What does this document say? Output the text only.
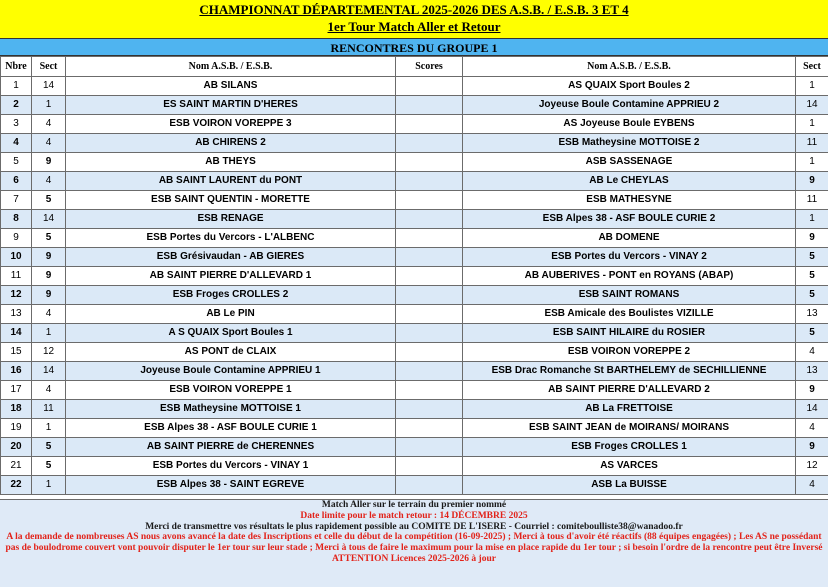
CHAMPIONNAT DÉPARTEMENTAL 2025-2026 DES A.S.B. / E.S.B. 3 ET 4
1er Tour Match Aller et Retour
RENCONTRES DU GROUPE 1
Nbre	Sect	Nom A.S.B. / E.S.B.	Scores	Nom A.S.B. / E.S.B.	Sect
1	14	AB SILANS		AS QUAIX Sport Boules 2	1
2	1	ES SAINT MARTIN D'HERES		Joyeuse Boule Contamine APPRIEU 2	14
3	4	ESB VOIRON VOREPPE 3		AS Joyeuse Boule EYBENS	1
4	4	AB CHIRENS 2		ESB Matheysine MOTTOISE 2	11
5	9	AB THEYS		ASB SASSENAGE	1
6	4	AB SAINT LAURENT du PONT		AB Le CHEYLAS	9
7	5	ESB SAINT QUENTIN - MORETTE		ESB MATHESYNE	11
8	14	ESB RENAGE		ESB Alpes 38 - ASF BOULE CURIE 2	1
9	5	ESB Portes du Vercors - L'ALBENC		AB DOMENE	9
10	9	ESB Grésivaudan - AB GIERES		ESB Portes du Vercors - VINAY 2	5
11	9	AB SAINT PIERRE D'ALLEVARD 1		AB AUBERIVES - PONT en ROYANS (ABAP)	5
12	9	ESB Froges CROLLES 2		ESB SAINT ROMANS	5
13	4	AB Le PIN		ESB Amicale des Boulistes VIZILLE	13
14	1	A S QUAIX Sport Boules 1		ESB SAINT HILAIRE du ROSIER	5
15	12	AS PONT de CLAIX		ESB VOIRON VOREPPE 2	4
16	14	Joyeuse Boule Contamine APPRIEU 1		ESB Drac Romanche St BARTHELEMY de SECHILLIENNE	13
17	4	ESB VOIRON VOREPPE 1		AB SAINT PIERRE D'ALLEVARD 2	9
18	11	ESB Matheysine MOTTOISE 1		AB La FRETTOISE	14
19	1	ESB Alpes 38 - ASF BOULE CURIE 1		ESB SAINT JEAN de MOIRANS/ MOIRANS	4
20	5	AB SAINT PIERRE de CHERENNES		ESB Froges CROLLES 1	9
21	5	ESB Portes du Vercors - VINAY 1		AS VARCES	12
22	1	ESB Alpes 38 - SAINT EGREVE		ASB La BUISSE	4
Match Aller sur le terrain du premier nommé
Date limite pour le match retour : 14 DÉCEMBRE 2025
Merci de transmettre vos résultats le plus rapidement possible au COMITE DE L'ISERE - Courriel : comiteboulliste38@wanadoo.fr
A la demande de nombreuses AS nous avons avancé la date des Inscriptions et celle du début de la compétition (16-09-2025) ; Merci à tous d'avoir été réactifs (88 équipes engagées) ; Les AS ne possédant pas de boulodrome couvert vont pouvoir disputer le 1er tour sur leur stade ; Merci à tous de faire le maximum pour la mise en place rapide du 1er tour ; si besoin l'ordre de la rencontre peut être Inversé
ATTENTION Licences 2025-2026 à jour
